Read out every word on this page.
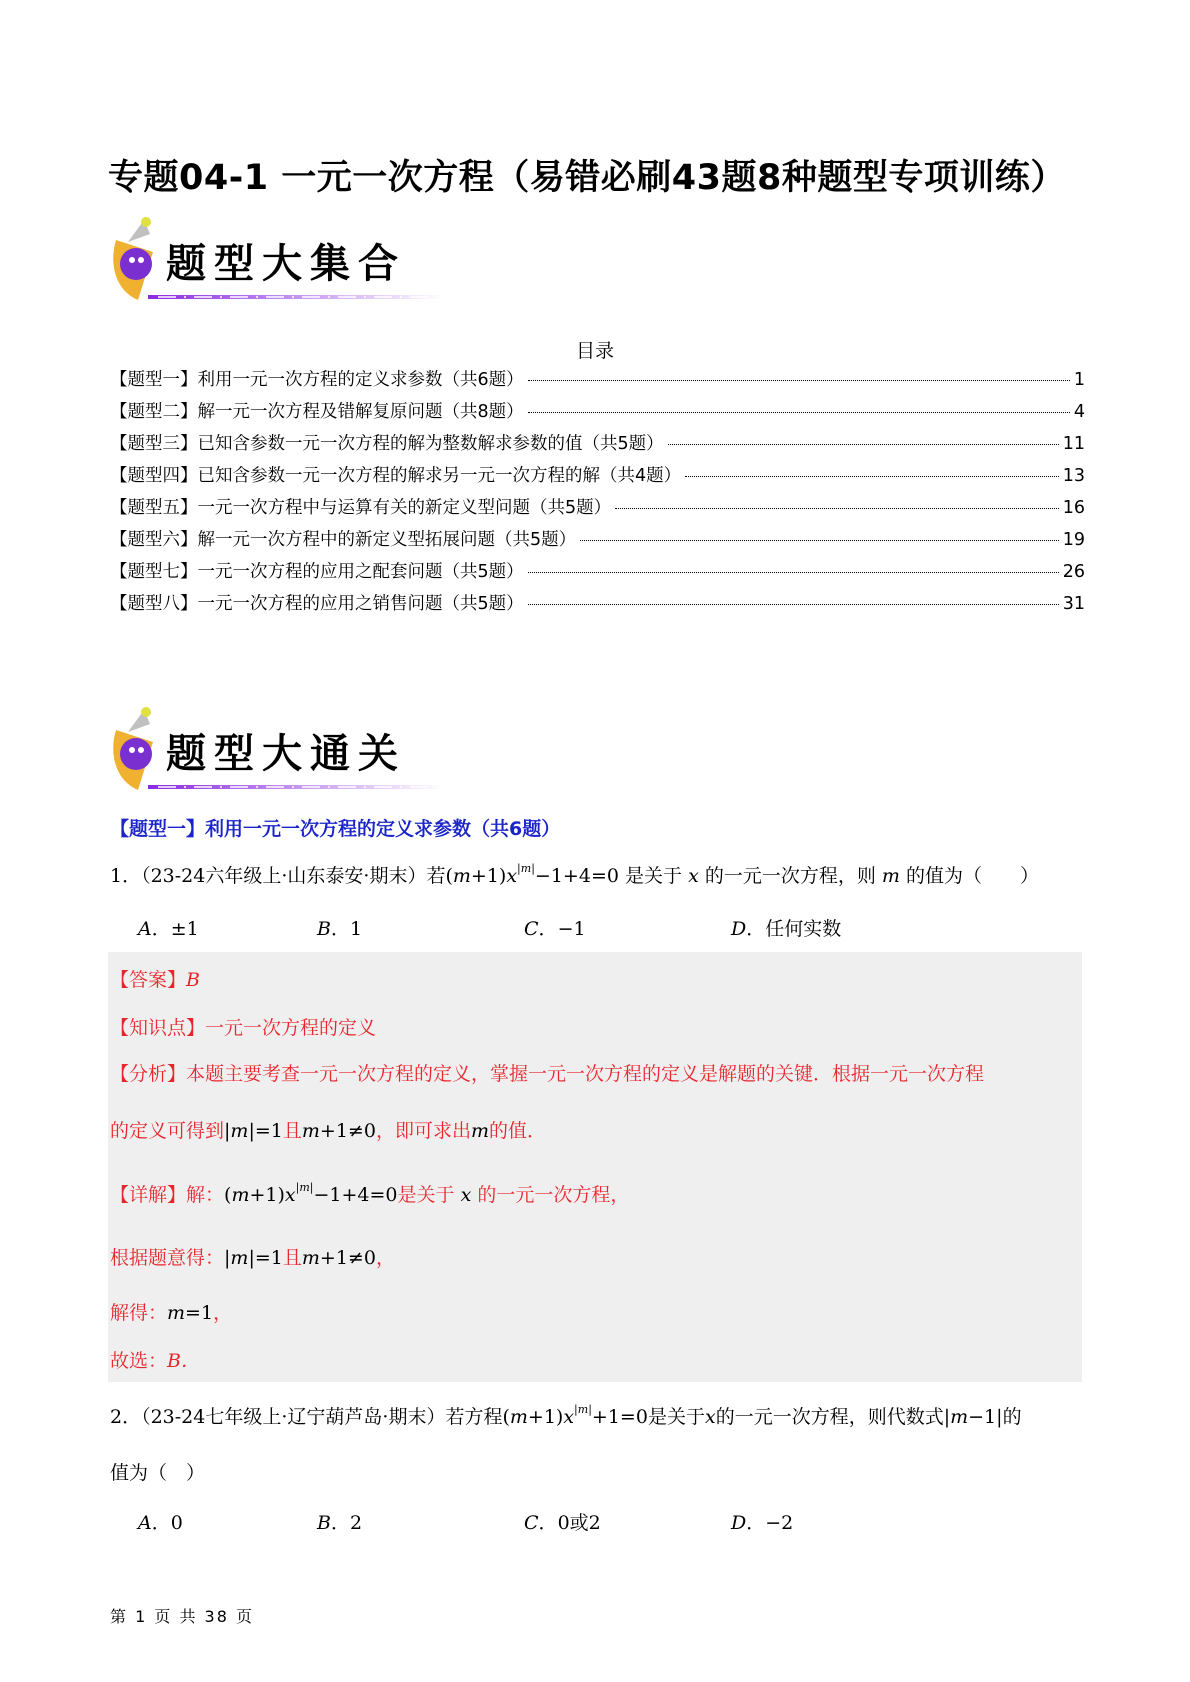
专题04-1 一元一次方程（易错必刷43题8种题型专项训练）
题型大集合
目录
【题型一】利用一元一次方程的定义求参数（共6题）	1
【题型二】解一元一次方程及错解复原问题（共8题）	4
【题型三】已知含参数一元一次方程的解为整数解求参数的值（共5题）	11
【题型四】已知含参数一元一次方程的解求另一元一次方程的解（共4题）	13
【题型五】一元一次方程中与运算有关的新定义型问题（共5题）	16
【题型六】解一元一次方程中的新定义型拓展问题（共5题）	19
【题型七】一元一次方程的应用之配套问题（共5题）	26
【题型八】一元一次方程的应用之销售问题（共5题）	31
题型大通关
【题型一】利用一元一次方程的定义求参数（共6题）
1．（23-24六年级上·山东泰安·期末）若$(m+1)x^{|m|}-1+4=0$ 是关于 x 的一元一次方程，则 m 的值为（　　）
A．±1	B．1	C．−1	D．任何实数
【答案】B
【知识点】一元一次方程的定义
【分析】本题主要考查一元一次方程的定义，掌握一元一次方程的定义是解题的关键．根据一元一次方程
的定义可得到|m|=1且m+1≠0，即可求出m的值．
【详解】解：$(m+1)x^{|m|}-1+4=0$是关于 x 的一元一次方程，
根据题意得：|m|=1且m+1≠0，
解得：m=1，
故选：B．
2．（23-24七年级上·辽宁葫芦岛·期末）若方程$(m+1)x^{|m|}+1=0$是关于x的一元一次方程，则代数式|m−1|的
值为（　）
A．0	B．2	C．0或2	D．−2
第 1 页 共 38 页
